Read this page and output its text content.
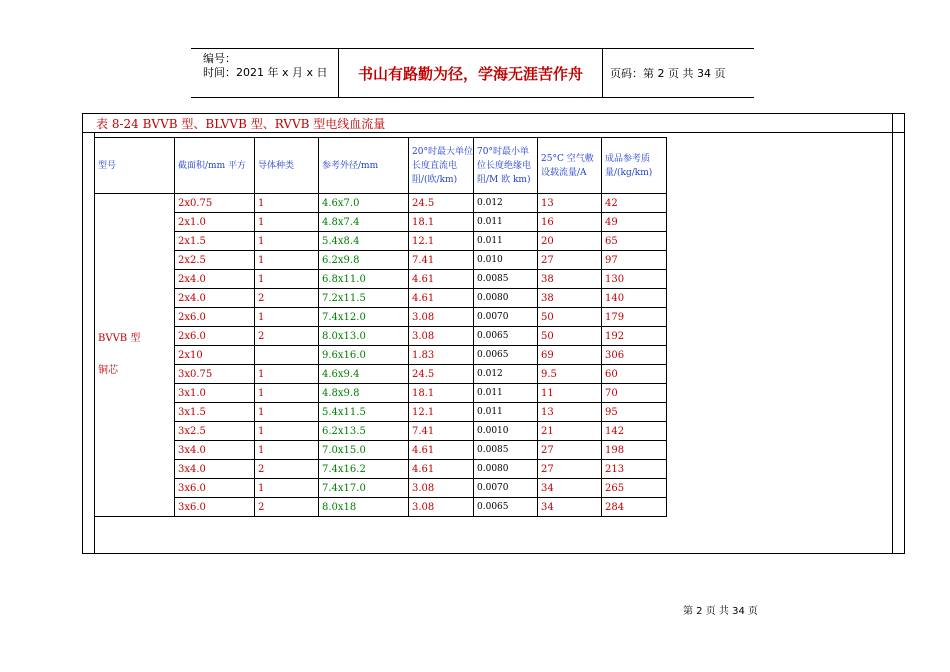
编号：
时间：2021 年 x 月 x 日	书山有路勤为径，学海无涯苦作舟	页码：第 2 页 共 34 页
表 8-24 BVVB 型、BLVVB 型、RVVB 型电线血流量
型号	截面积/mm 平方	导体种类	参考外径/mm	20°时最大单位长度直流电阻/(欧/km)	70°时最小单位长度绝缘电阻/M 欧 km)	25°C 空气敷设载流量/A	成品参考质量/(kg/km)

BVVB 型
铜芯	2x0.75	1	4.6x7.0	24.5	0.012	13	42
	2x1.0	1	4.8x7.4	18.1	0.011	16	49
	2x1.5	1	5.4x8.4	12.1	0.011	20	65
	2x2.5	1	6.2x9.8	7.41	0.010	27	97
	2x4.0	1	6.8x11.0	4.61	0.0085	38	130
	2x4.0	2	7.2x11.5	4.61	0.0080	38	140
	2x6.0	1	7.4x12.0	3.08	0.0070	50	179
	2x6.0	2	8.0x13.0	3.08	0.0065	50	192
	2x10		9.6x16.0	1.83	0.0065	69	306
	3x0.75	1	4.6x9.4	24.5	0.012	9.5	60
	3x1.0	1	4.8x9.8	18.1	0.011	11	70
	3x1.5	1	5.4x11.5	12.1	0.011	13	95
	3x2.5	1	6.2x13.5	7.41	0.0010	21	142
	3x4.0	1	7.0x15.0	4.61	0.0085	27	198
	3x4.0	2	7.4x16.2	4.61	0.0080	27	213
	3x6.0	1	7.4x17.0	3.08	0.0070	34	265
	3x6.0	2	8.0x18	3.08	0.0065	34	284
第 2 页 共 34 页
